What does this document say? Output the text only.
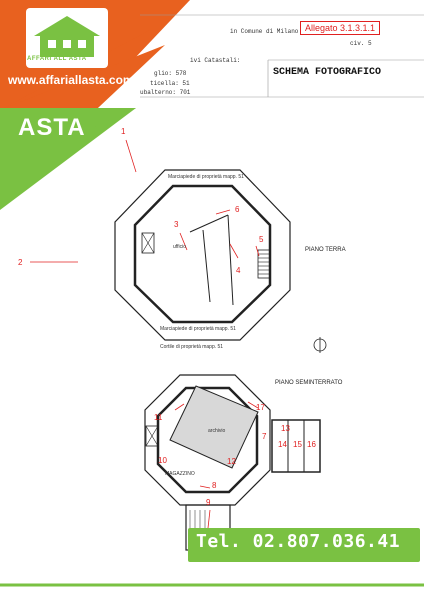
AFFARI ALL'ASTA
www.affariallasta.com
ASTA
Allegato 3.1.3.1.1
in Comune di Milano
civ. 5
ivi Catastali:
glio: 578
ticella: 51
ubalterno: 701
SCHEMA FOTOGRAFICO
Marciapiede di proprietà mapp. 51
Marciapiede di proprietà mapp. 51
Cortile di proprietà mapp. 51
ufficio
archivio
MAGAZZINO
PIANO TERRA
PIANO SEMINTERRATO
1
2
3
4
5
6
7
8
9
10
11
12
13
14 15 16
17
Tel. 02.807.036.41
